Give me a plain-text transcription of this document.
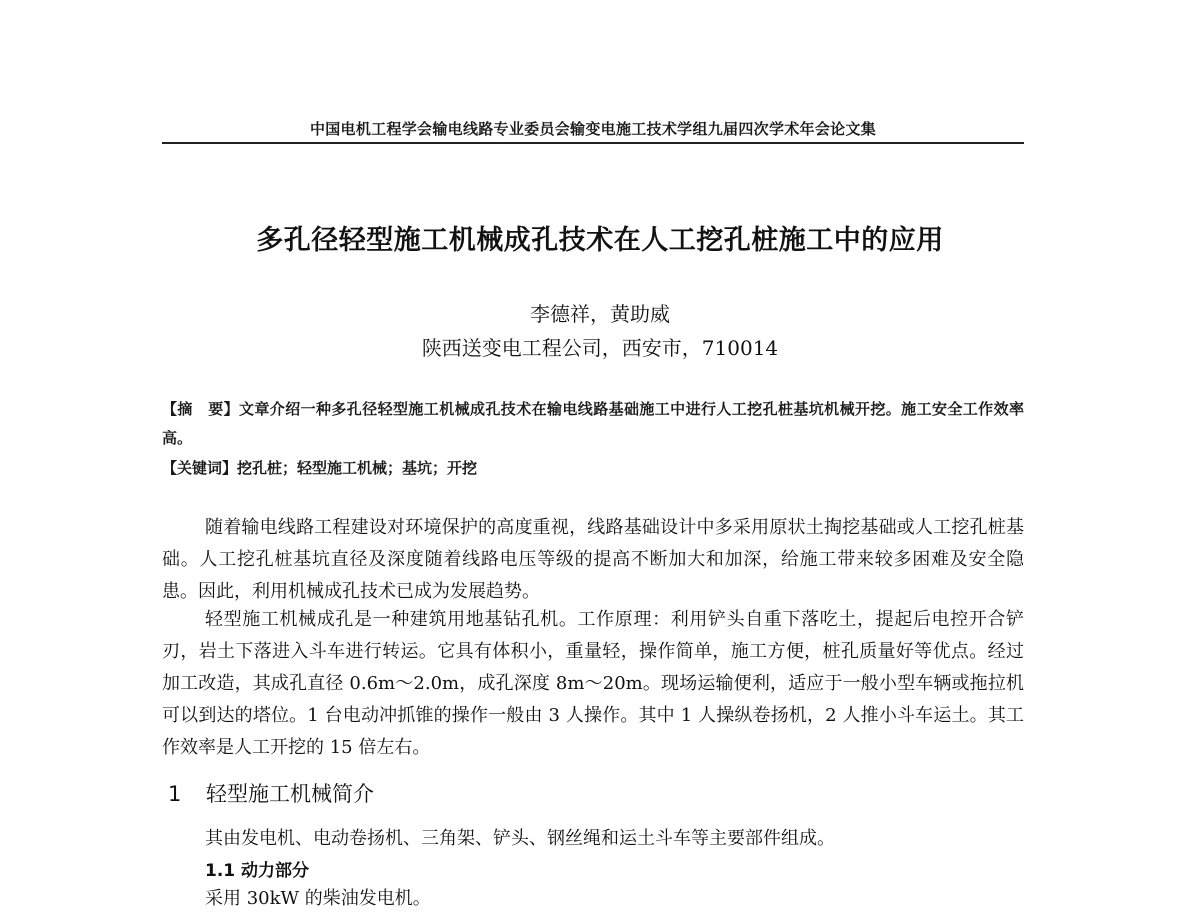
中国电机工程学会输电线路专业委员会输变电施工技术学组九届四次学术年会论文集
多孔径轻型施工机械成孔技术在人工挖孔桩施工中的应用
李德祥，黄助威
陕西送变电工程公司，西安市，710014
【摘　要】文章介绍一种多孔径轻型施工机械成孔技术在输电线路基础施工中进行人工挖孔桩基坑机械开挖。施工安全工作效率高。
【关键词】挖孔桩；轻型施工机械；基坑；开挖
随着输电线路工程建设对环境保护的高度重视，线路基础设计中多采用原状土掏挖基础或人工挖孔桩基础。人工挖孔桩基坑直径及深度随着线路电压等级的提高不断加大和加深，给施工带来较多困难及安全隐患。因此，利用机械成孔技术已成为发展趋势。
轻型施工机械成孔是一种建筑用地基钻孔机。工作原理：利用铲头自重下落吃土，提起后电控开合铲刃，岩土下落进入斗车进行转运。它具有体积小，重量轻，操作简单，施工方便，桩孔质量好等优点。经过加工改造，其成孔直径 0.6m～2.0m，成孔深度 8m～20m。现场运输便利，适应于一般小型车辆或拖拉机可以到达的塔位。1 台电动冲抓锥的操作一般由 3 人操作。其中 1 人操纵卷扬机，2 人推小斗车运土。其工作效率是人工开挖的 15 倍左右。
1 轻型施工机械简介
其由发电机、电动卷扬机、三角架、铲头、钢丝绳和运土斗车等主要部件组成。
1.1 动力部分
采用 30kW 的柴油发电机。
